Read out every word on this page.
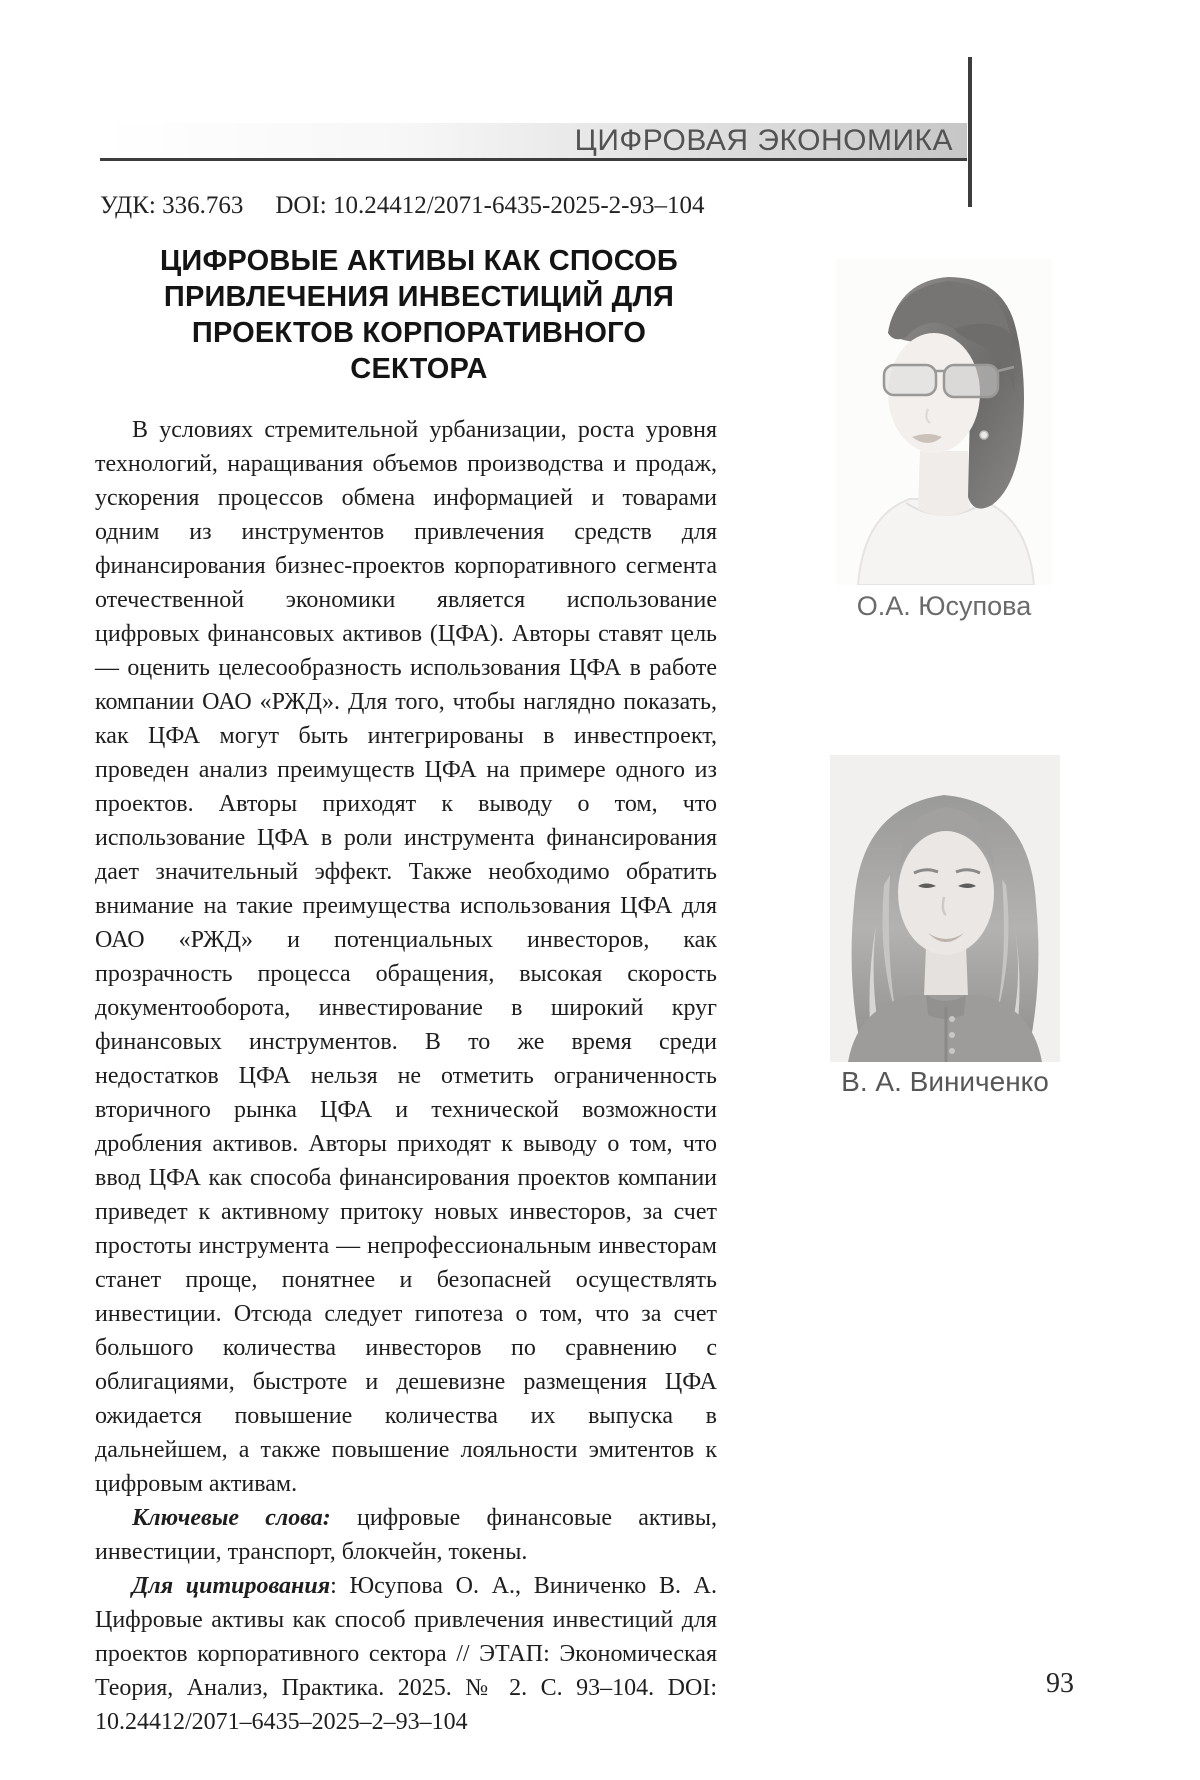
ЦИФРОВАЯ ЭКОНОМИКА
УДК: 336.763 DOI: 10.24412/2071-6435-2025-2-93–104
ЦИФРОВЫЕ АКТИВЫ КАК СПОСОБ
ПРИВЛЕЧЕНИЯ ИНВЕСТИЦИЙ ДЛЯ
ПРОЕКТОВ КОРПОРАТИВНОГО
СЕКТОРА

В условиях стремительной урбанизации, роста уровня технологий, наращивания объемов производства и продаж, ускорения процессов обмена информацией и товарами одним из инструментов привлечения средств для финансирования бизнес-проектов корпоративного сегмента отечественной экономики является использование цифровых финансовых активов (ЦФА). Авторы ставят цель — оценить целесообразность использования ЦФА в работе компании ОАО «РЖД». Для того, чтобы наглядно показать, как ЦФА могут быть интегрированы в инвестпроект, проведен анализ преимуществ ЦФА на примере одного из проектов. Авторы приходят к выводу о том, что использование ЦФА в роли инструмента финансирования дает значительный эффект. Также необходимо обратить внимание на такие преимущества использования ЦФА для ОАО «РЖД» и потенциальных инвесторов, как прозрачность процесса обращения, высокая скорость документооборота, инвестирование в широкий круг финансовых инструментов. В то же время среди недостатков ЦФА нельзя не отметить ограниченность вторичного рынка ЦФА и технической возможности дробления активов. Авторы приходят к выводу о том, что ввод ЦФА как способа финансирования проектов компании приведет к активному притоку новых инвесторов, за счет простоты инструмента — непрофессиональным инвесторам станет проще, понятнее и безопасней осуществлять инвестиции. Отсюда следует гипотеза о том, что за счет большого количества инвесторов по сравнению с облигациями, быстроте и дешевизне размещения ЦФА ожидается повышение количества их выпуска в дальнейшем, а также повышение лояльности эмитентов к цифровым активам.

Ключевые слова: цифровые финансовые активы, инвестиции, транспорт, блокчейн, токены.

Для цитирования: Юсупова О. А., Виниченко В. А. Цифровые активы как способ привлечения инвестиций для проектов корпоративного сектора // ЭТАП: Экономическая Теория, Анализ, Практика. 2025. № 2. С. 93–104. DOI: 10.24412/2071–6435–2025–2–93–104

О.А. Юсупова
В. А. Виниченко
93
